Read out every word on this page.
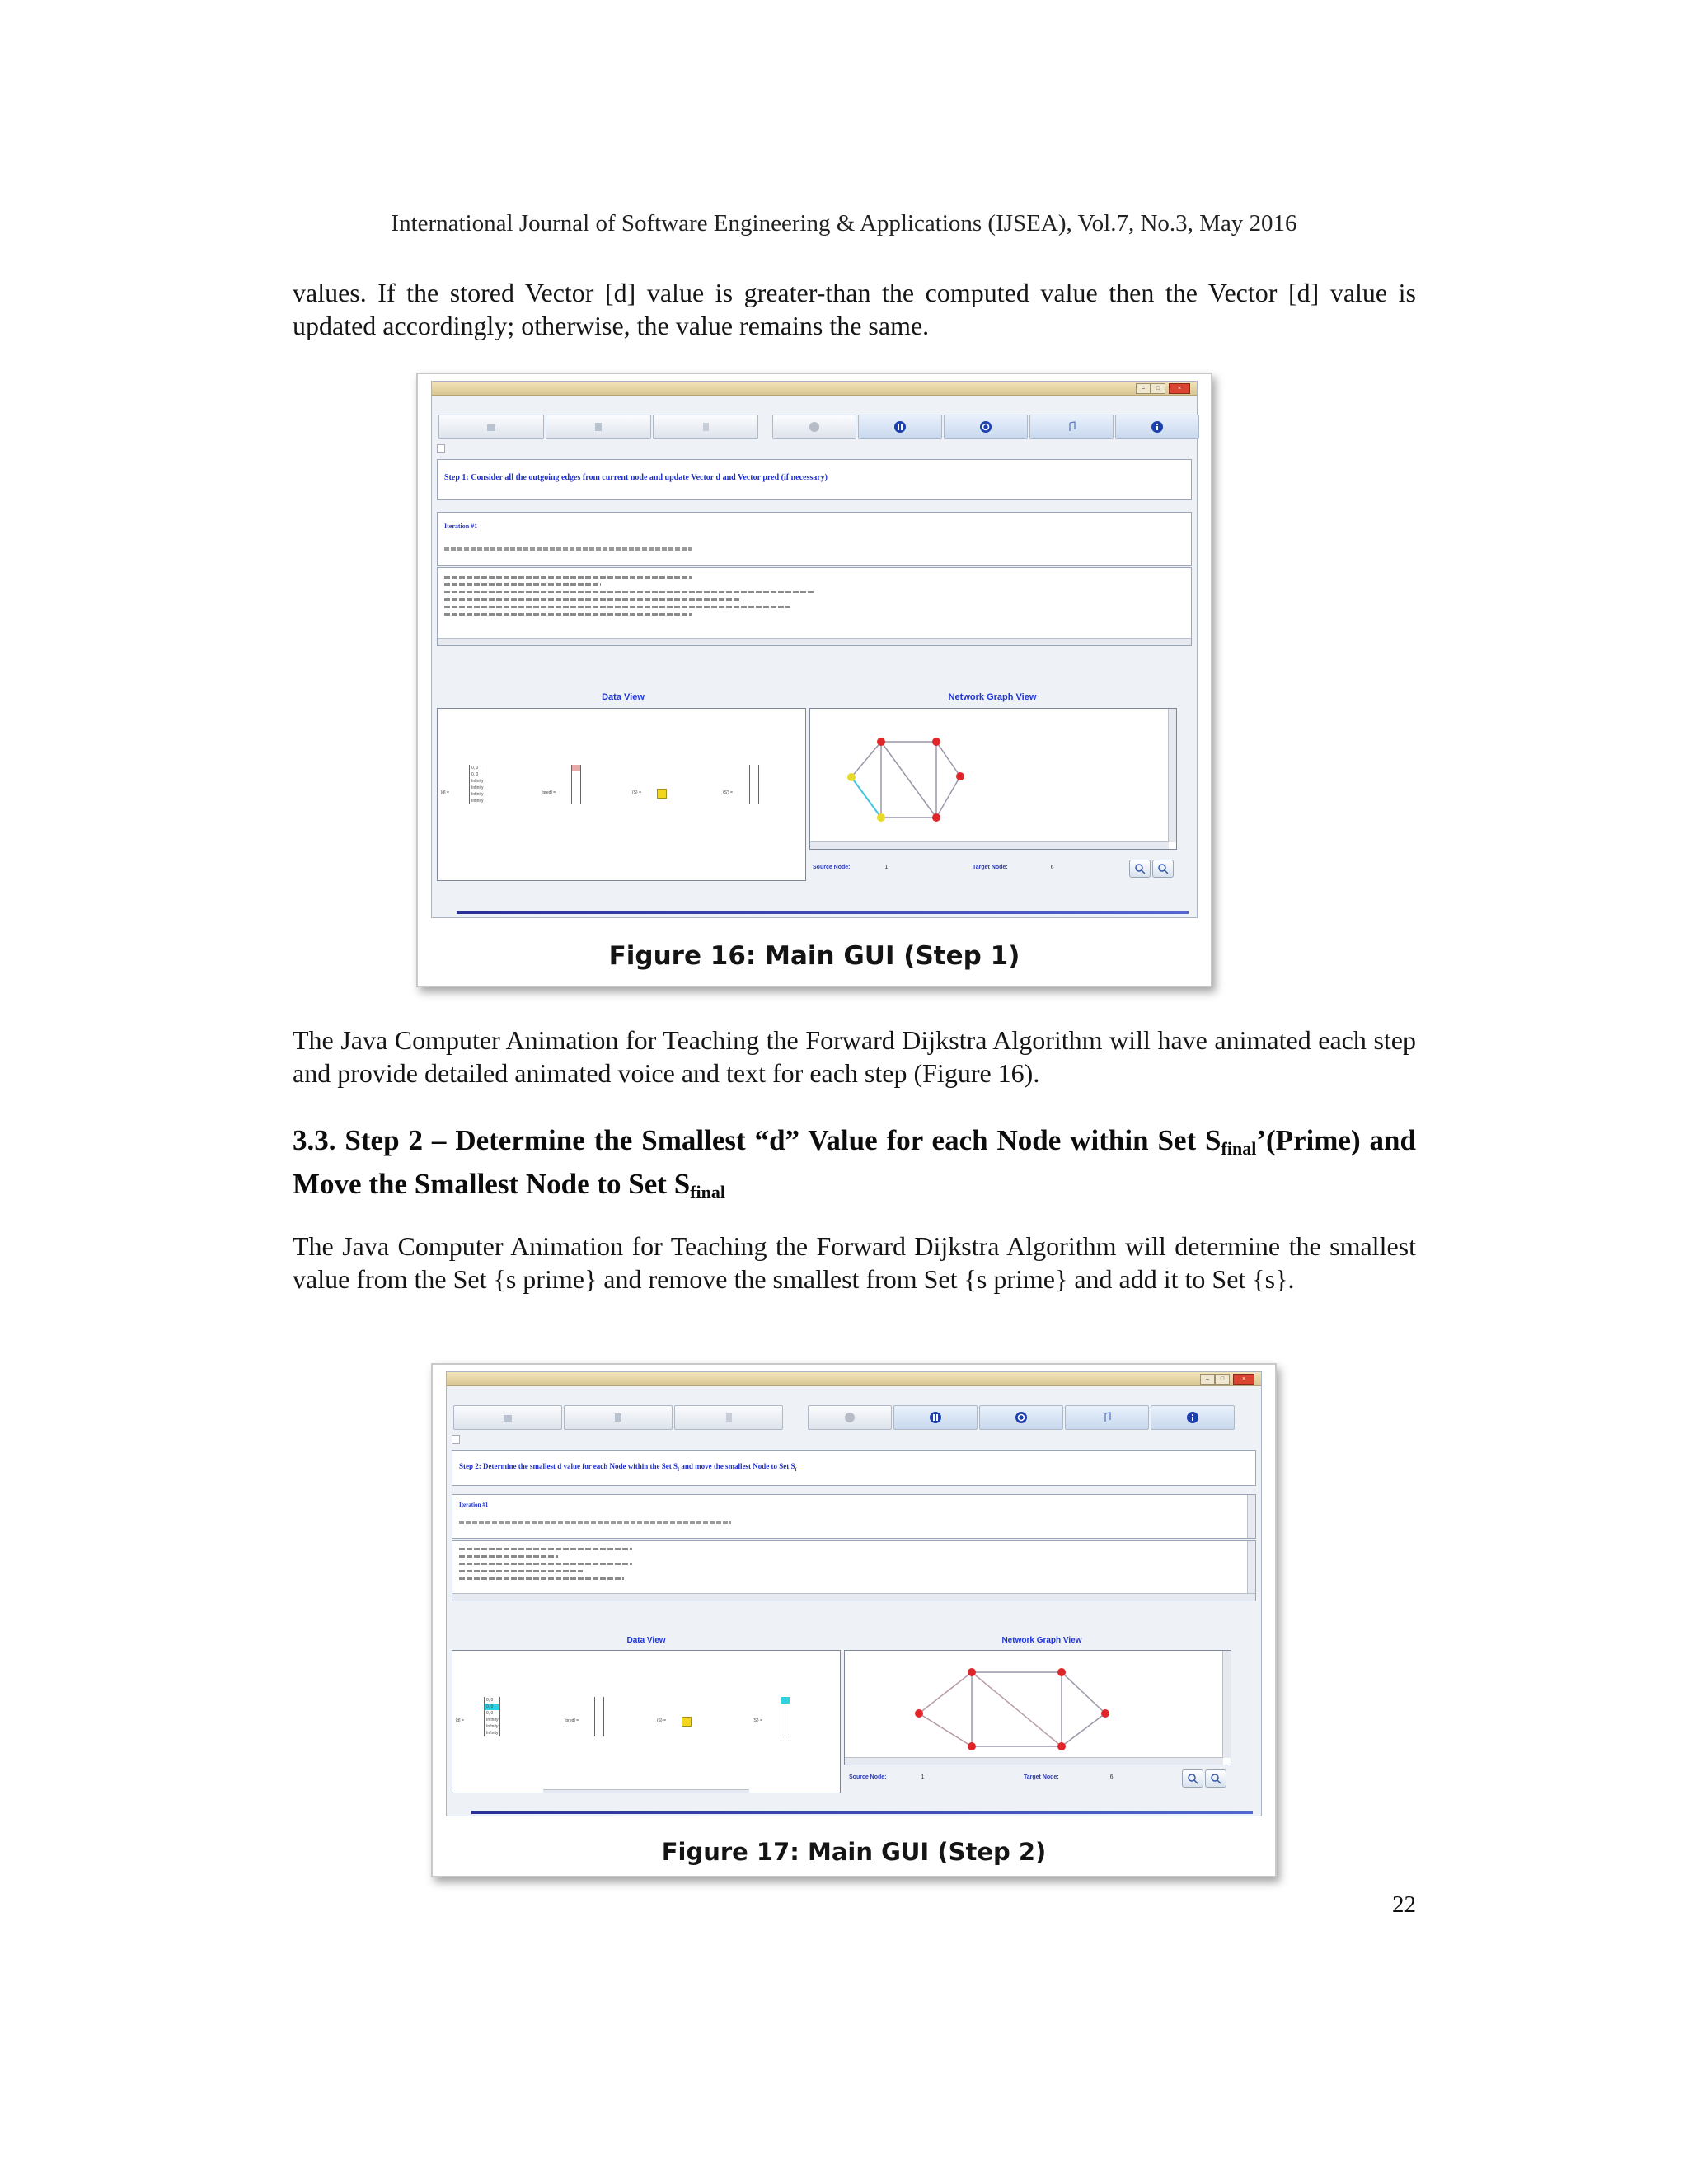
International Journal of Software Engineering & Applications (IJSEA), Vol.7, No.3, May 2016
values. If the stored Vector [d] value is greater-than the computed value then the Vector [d] value is updated accordingly; otherwise, the value remains the same.
–	□	×
Step 1: Consider all the outgoing edges from current node and update Vector d and Vector pred (if necessary)
Iteration #1
Data View	Network Graph View
[d] =
0, 0
0, 0
Infinity
Infinity
Infinity
Infinity
[pred] =	{S} =	{S'} =
Source Node:	1	Target Node:	6
Figure 16: Main GUI (Step 1)
The Java Computer Animation for Teaching the Forward Dijkstra Algorithm will have animated each step and provide detailed animated voice and text for each step (Figure 16).
3.3. Step 2 – Determine the Smallest “d” Value for each Node within Set $S_{final}’(Prime)$ and Move the Smallest Node to Set $S_{final}$
The Java Computer Animation for Teaching the Forward Dijkstra Algorithm will determine the smallest value from the Set {s prime} and remove the smallest from Set {s prime} and add it to Set {s}.
–	□	×
Step 2: Determine the smallest d value for each Node within the Set $S_f$ and move the smallest Node to Set $S_f$
Iteration #1
Data View	Network Graph View
[d] =
0, 0
0, 0
0, 0
Infinity
Infinity
Infinity
[pred] =	{S} =	{S'} =
Source Node:	1	Target Node:	6
Figure 17: Main GUI (Step 2)
22
